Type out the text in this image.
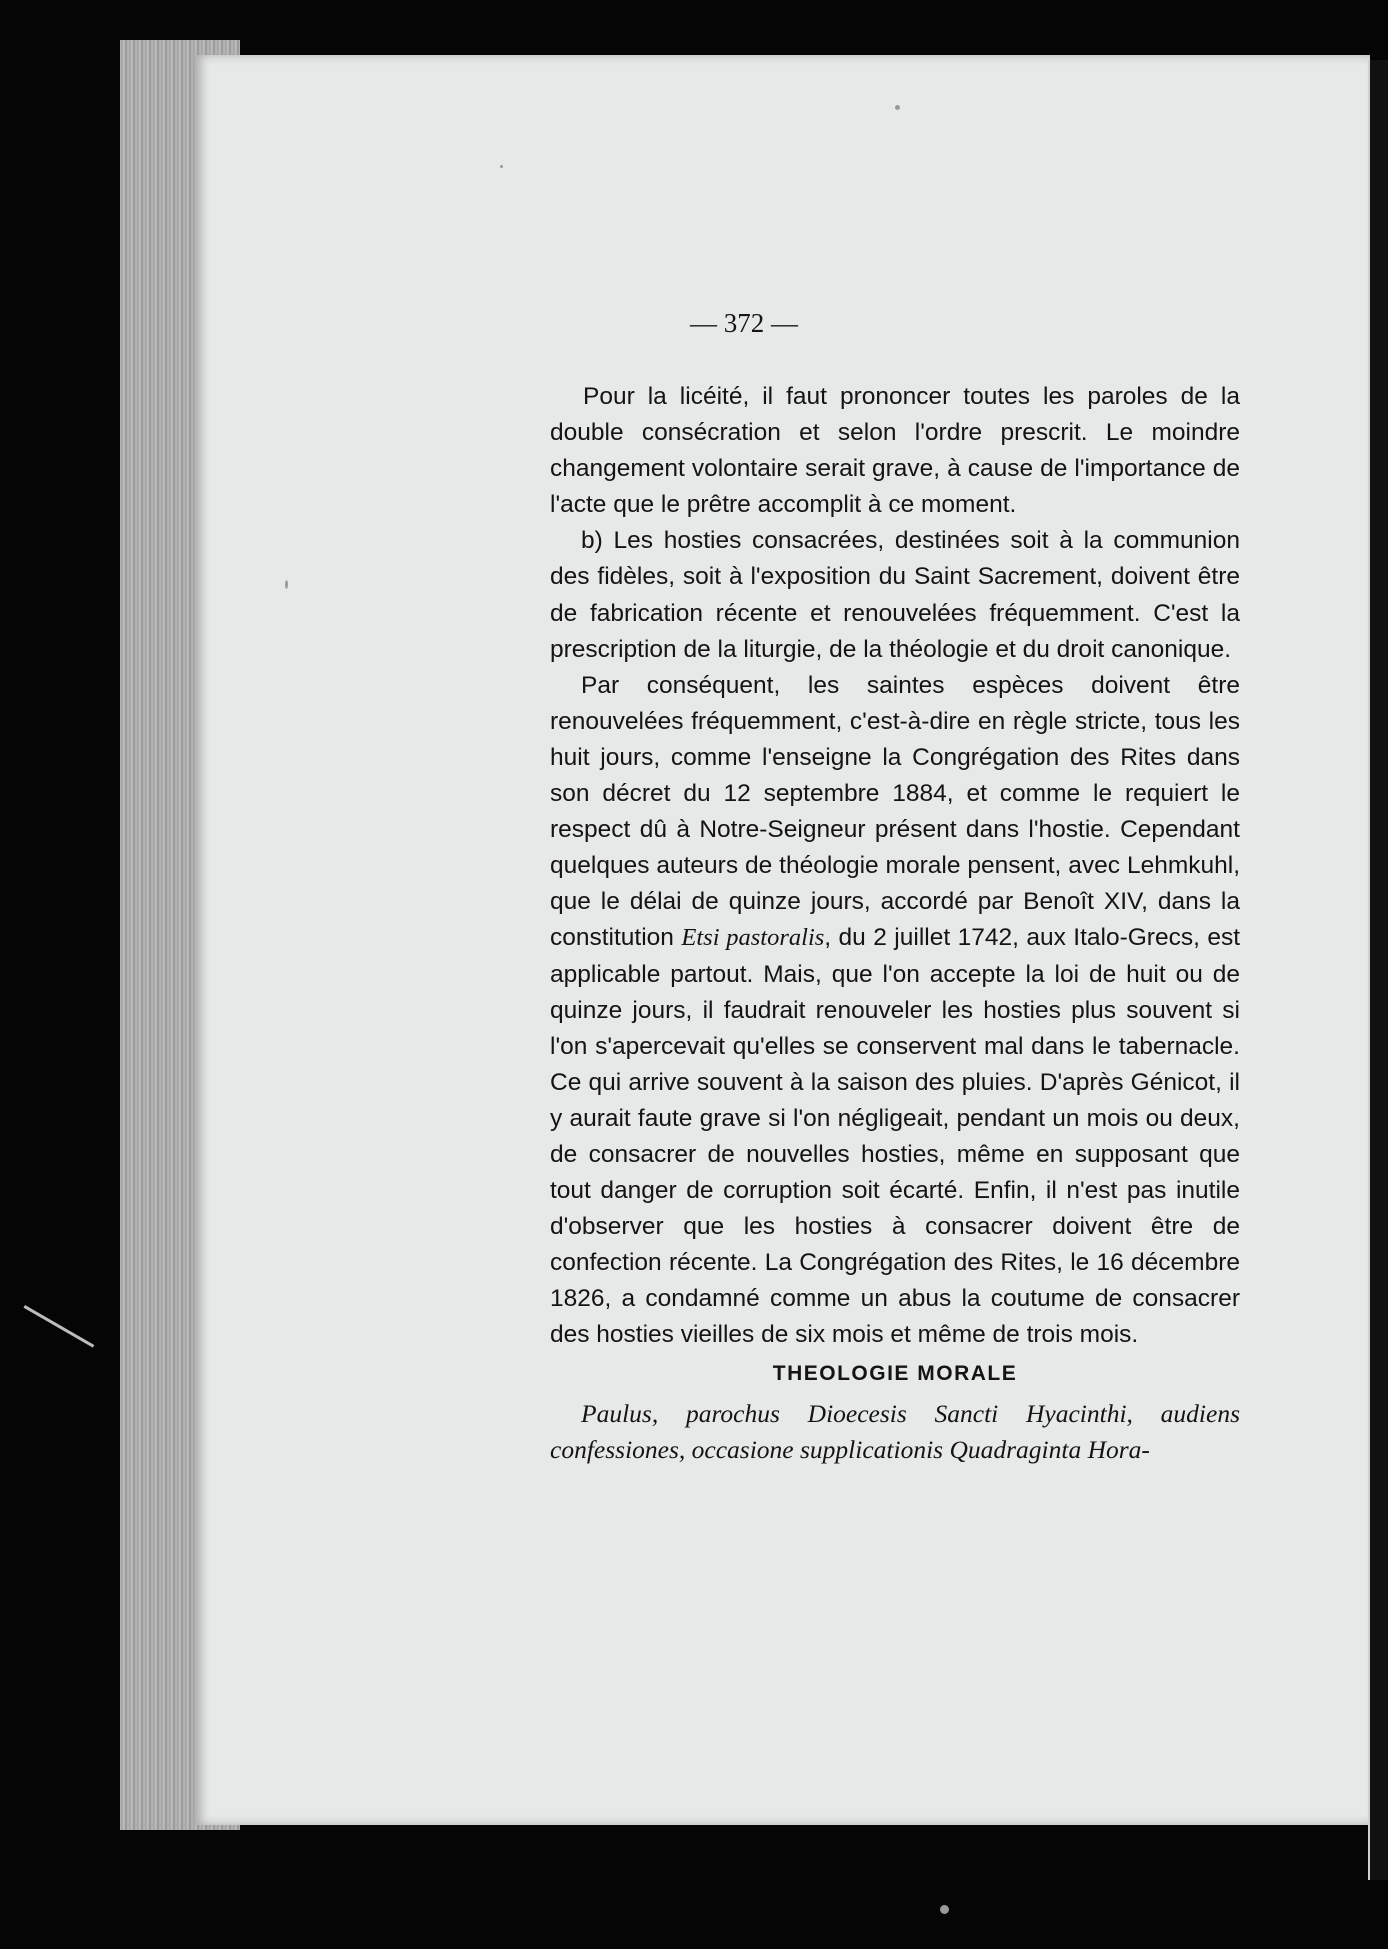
— 372 —

Pour la licéité, il faut prononcer toutes les paroles de la double consécration et selon l'ordre prescrit. Le moindre changement volontaire serait grave, à cause de l'importance de l'acte que le prêtre accomplit à ce moment.

b) Les hosties consacrées, destinées soit à la communion des fidèles, soit à l'exposition du Saint Sacrement, doivent être de fabrication récente et renouvelées fréquemment. C'est la prescription de la liturgie, de la théologie et du droit canonique.

Par conséquent, les saintes espèces doivent être renouvelées fréquemment, c'est-à-dire en règle stricte, tous les huit jours, comme l'enseigne la Congrégation des Rites dans son décret du 12 septembre 1884, et comme le requiert le respect dû à Notre-Seigneur présent dans l'hostie. Cependant quelques auteurs de théologie morale pensent, avec Lehmkuhl, que le délai de quinze jours, accordé par Benoît XIV, dans la constitution Etsi pastoralis, du 2 juillet 1742, aux Italo-Grecs, est applicable partout. Mais, que l'on accepte la loi de huit ou de quinze jours, il faudrait renouveler les hosties plus souvent si l'on s'apercevait qu'elles se conservent mal dans le tabernacle. Ce qui arrive souvent à la saison des pluies. D'après Génicot, il y aurait faute grave si l'on négligeait, pendant un mois ou deux, de consacrer de nouvelles hosties, même en supposant que tout danger de corruption soit écarté. Enfin, il n'est pas inutile d'observer que les hosties à consacrer doivent être de confection récente. La Congrégation des Rites, le 16 décembre 1826, a condamné comme un abus la coutume de consacrer des hosties vieilles de six mois et même de trois mois.

THEOLOGIE MORALE

Paulus, parochus Dioecesis Sancti Hyacinthi, audiens confessiones, occasione supplicationis Quadraginta Hora-
